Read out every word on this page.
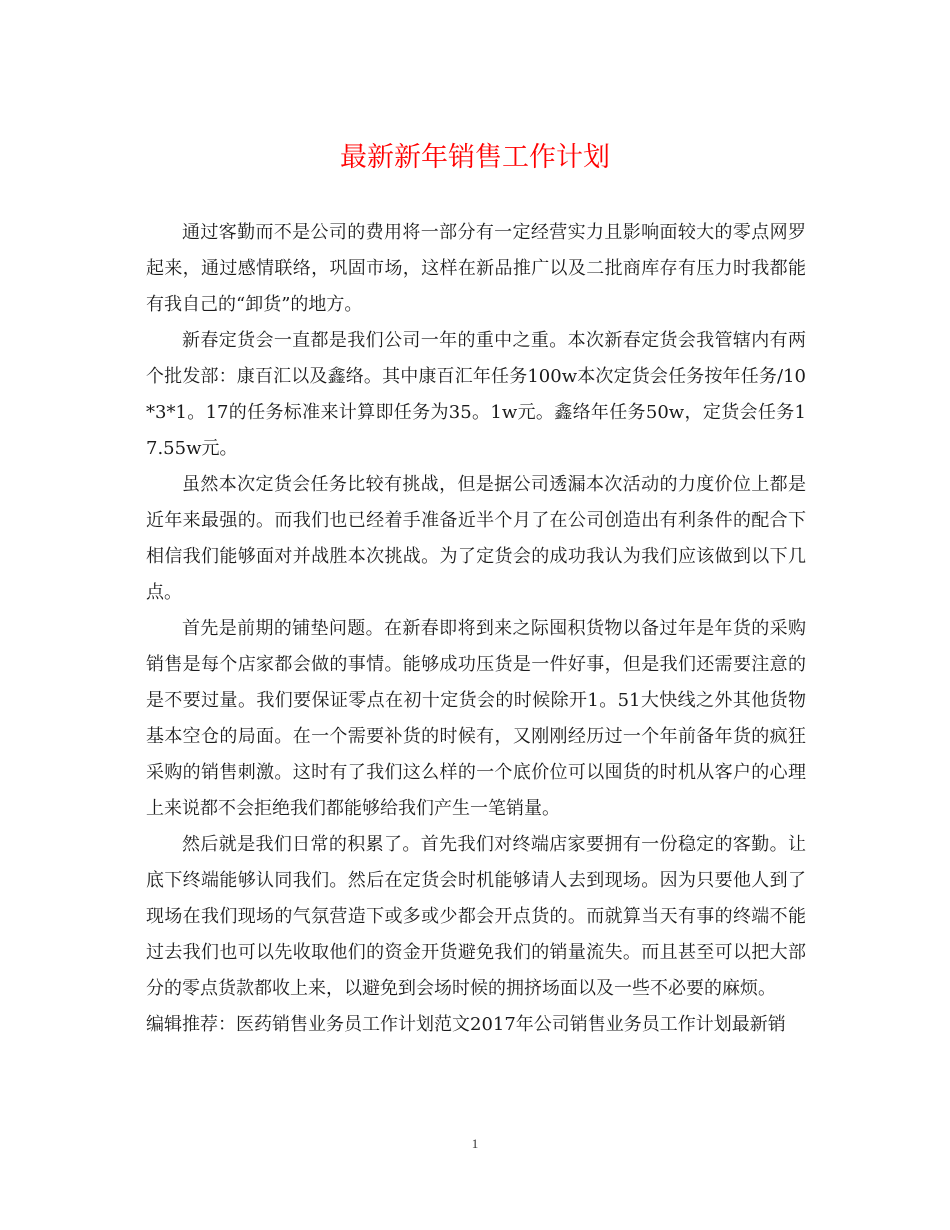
最新新年销售工作计划

通过客勤而不是公司的费用将一部分有一定经营实力且影响面较大的零点网罗起来，通过感情联络，巩固市场，这样在新品推广以及二批商库存有压力时我都能有我自己的“卸货”的地方。

新春定货会一直都是我们公司一年的重中之重。本次新春定货会我管辖内有两个批发部：康百汇以及鑫络。其中康百汇年任务100w本次定货会任务按年任务/10*3*1。17的任务标准来计算即任务为35。1w元。鑫络年任务50w，定货会任务17.55w元。

虽然本次定货会任务比较有挑战，但是据公司透漏本次活动的力度价位上都是近年来最强的。而我们也已经着手准备近半个月了在公司创造出有利条件的配合下相信我们能够面对并战胜本次挑战。为了定货会的成功我认为我们应该做到以下几点。

首先是前期的铺垫问题。在新春即将到来之际囤积货物以备过年是年货的采购销售是每个店家都会做的事情。能够成功压货是一件好事，但是我们还需要注意的是不要过量。我们要保证零点在初十定货会的时候除开1。51大快线之外其他货物基本空仓的局面。在一个需要补货的时候有，又刚刚经历过一个年前备年货的疯狂采购的销售刺激。这时有了我们这么样的一个底价位可以囤货的时机从客户的心理上来说都不会拒绝我们都能够给我们产生一笔销量。

然后就是我们日常的积累了。首先我们对终端店家要拥有一份稳定的客勤。让底下终端能够认同我们。然后在定货会时机能够请人去到现场。因为只要他人到了现场在我们现场的气氛营造下或多或少都会开点货的。而就算当天有事的终端不能过去我们也可以先收取他们的资金开货避免我们的销量流失。而且甚至可以把大部分的零点货款都收上来，以避免到会场时候的拥挤场面以及一些不必要的麻烦。

编辑推荐：医药销售业务员工作计划范文2017年公司销售业务员工作计划最新销

1
